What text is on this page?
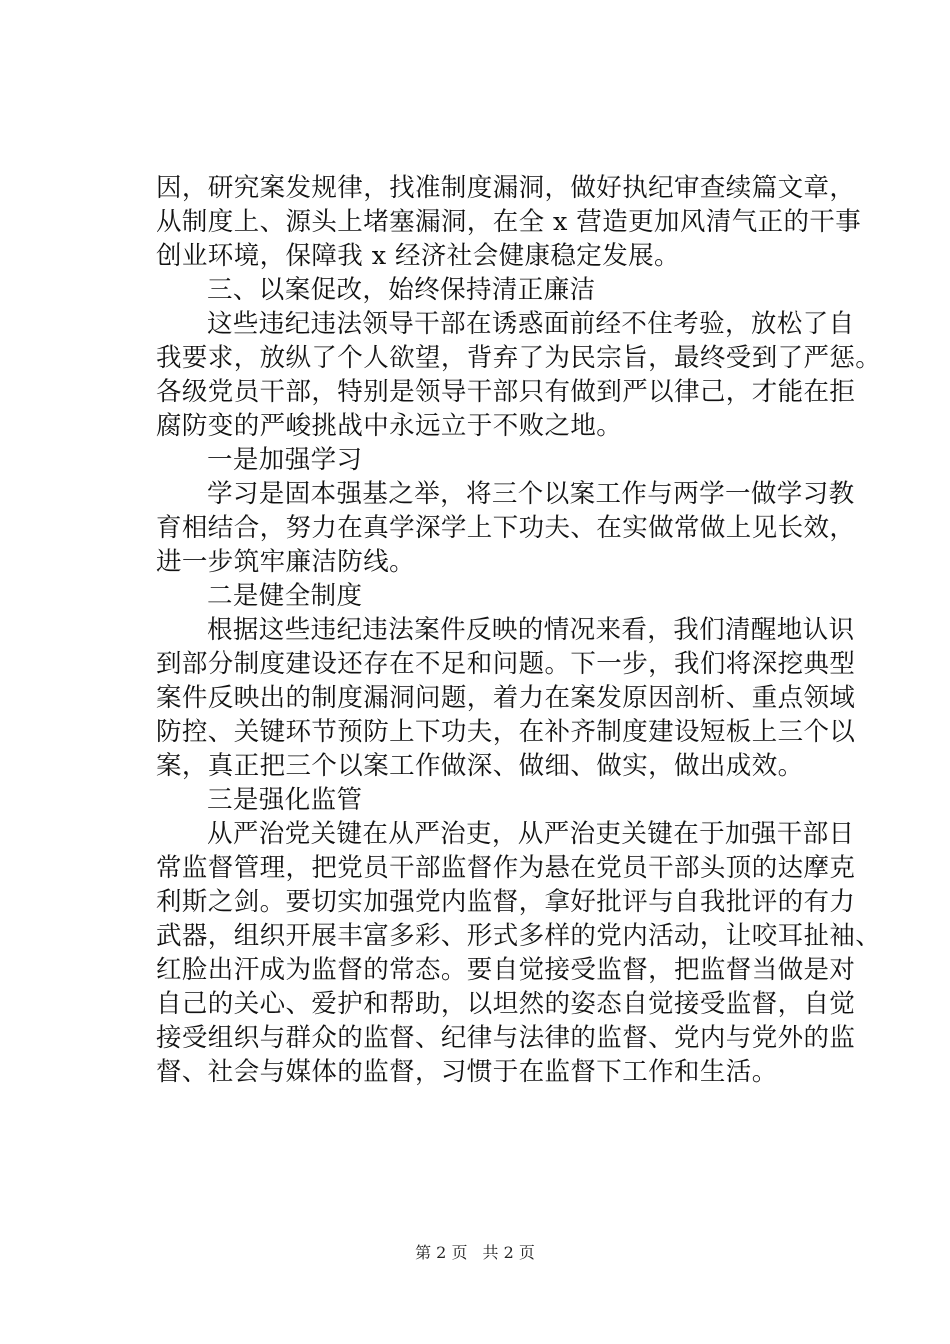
因，研究案发规律，找准制度漏洞，做好执纪审查续篇文章，
从制度上、源头上堵塞漏洞，在全 x 营造更加风清气正的干事
创业环境，保障我 x 经济社会健康稳定发展。
三、以案促改，始终保持清正廉洁
这些违纪违法领导干部在诱惑面前经不住考验，放松了自
我要求，放纵了个人欲望，背弃了为民宗旨，最终受到了严惩。
各级党员干部，特别是领导干部只有做到严以律己，才能在拒
腐防变的严峻挑战中永远立于不败之地。
一是加强学习
学习是固本强基之举，将三个以案工作与两学一做学习教
育相结合，努力在真学深学上下功夫、在实做常做上见长效，
进一步筑牢廉洁防线。
二是健全制度
根据这些违纪违法案件反映的情况来看，我们清醒地认识
到部分制度建设还存在不足和问题。下一步，我们将深挖典型
案件反映出的制度漏洞问题，着力在案发原因剖析、重点领域
防控、关键环节预防上下功夫，在补齐制度建设短板上三个以
案，真正把三个以案工作做深、做细、做实，做出成效。
三是强化监管
从严治党关键在从严治吏，从严治吏关键在于加强干部日
常监督管理，把党员干部监督作为悬在党员干部头顶的达摩克
利斯之剑。要切实加强党内监督，拿好批评与自我批评的有力
武器，组织开展丰富多彩、形式多样的党内活动，让咬耳扯袖、
红脸出汗成为监督的常态。要自觉接受监督，把监督当做是对
自己的关心、爱护和帮助，以坦然的姿态自觉接受监督，自觉
接受组织与群众的监督、纪律与法律的监督、党内与党外的监
督、社会与媒体的监督，习惯于在监督下工作和生活。
第 2 页 共 2 页
